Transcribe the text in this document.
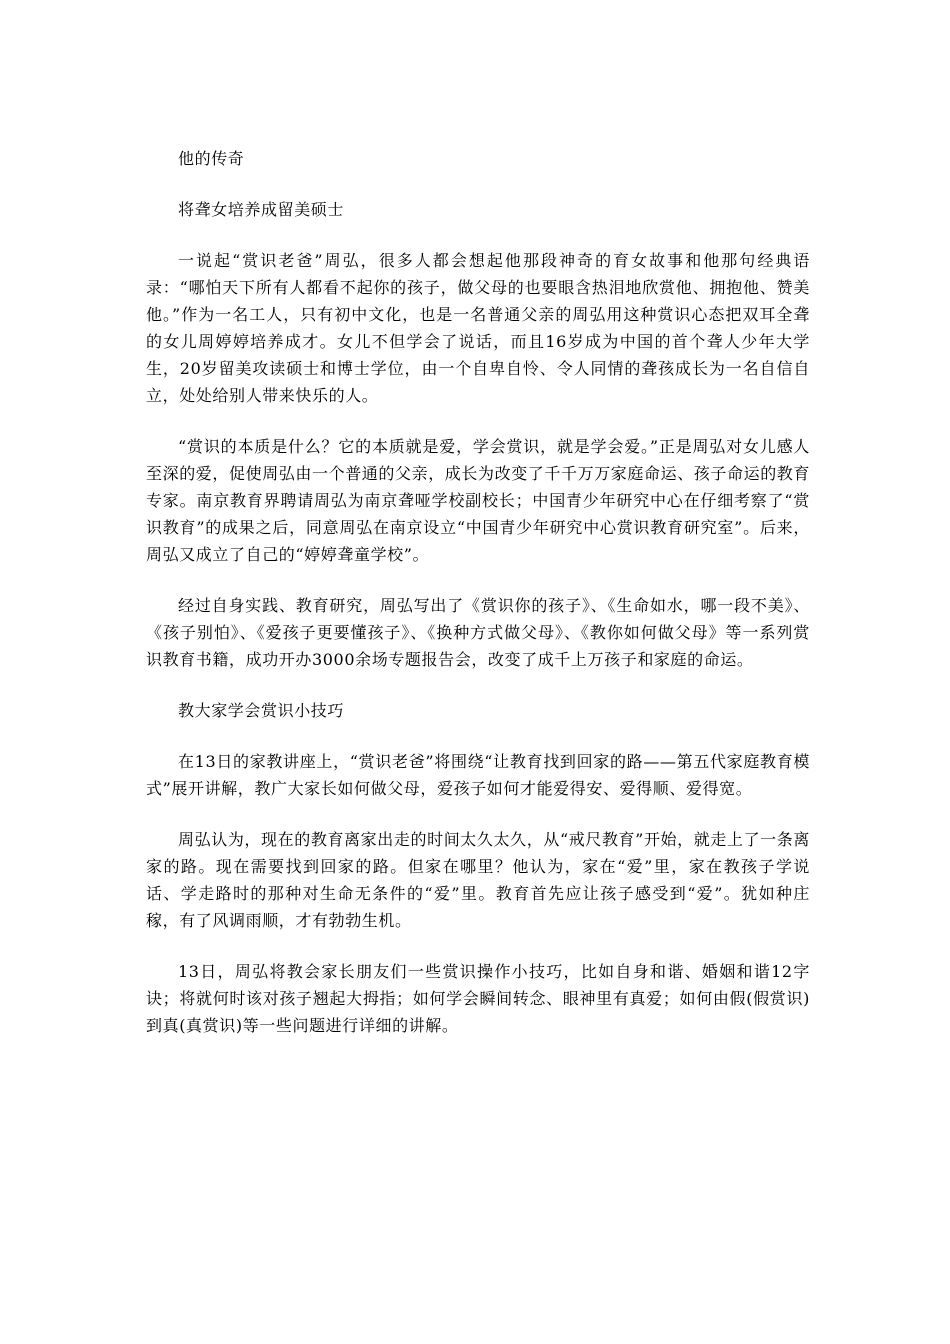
他的传奇

将聋女培养成留美硕士

一说起“赏识老爸”周弘，很多人都会想起他那段神奇的育女故事和他那句经典语录：“哪怕天下所有人都看不起你的孩子，做父母的也要眼含热泪地欣赏他、拥抱他、赞美他。”作为一名工人，只有初中文化，也是一名普通父亲的周弘用这种赏识心态把双耳全聋的女儿周婷婷培养成才。女儿不但学会了说话，而且16岁成为中国的首个聋人少年大学生，20岁留美攻读硕士和博士学位，由一个自卑自怜、令人同情的聋孩成长为一名自信自立，处处给别人带来快乐的人。

“赏识的本质是什么？它的本质就是爱，学会赏识，就是学会爱。”正是周弘对女儿感人至深的爱，促使周弘由一个普通的父亲，成长为改变了千千万万家庭命运、孩子命运的教育专家。南京教育界聘请周弘为南京聋哑学校副校长；中国青少年研究中心在仔细考察了“赏识教育”的成果之后，同意周弘在南京设立“中国青少年研究中心赏识教育研究室”。后来，周弘又成立了自己的“婷婷聋童学校”。

经过自身实践、教育研究，周弘写出了《赏识你的孩子》、《生命如水，哪一段不美》、《孩子别怕》、《爱孩子更要懂孩子》、《换种方式做父母》、《教你如何做父母》等一系列赏识教育书籍，成功开办3000余场专题报告会，改变了成千上万孩子和家庭的命运。

教大家学会赏识小技巧

在13日的家教讲座上，“赏识老爸”将围绕“让教育找到回家的路——第五代家庭教育模式”展开讲解，教广大家长如何做父母，爱孩子如何才能爱得安、爱得顺、爱得宽。

周弘认为，现在的教育离家出走的时间太久太久，从“戒尺教育”开始，就走上了一条离家的路。现在需要找到回家的路。但家在哪里？他认为，家在“爱”里，家在教孩子学说话、学走路时的那种对生命无条件的“爱”里。教育首先应让孩子感受到“爱”。犹如种庄稼，有了风调雨顺，才有勃勃生机。

13日，周弘将教会家长朋友们一些赏识操作小技巧，比如自身和谐、婚姻和谐12字诀；将就何时该对孩子翘起大拇指；如何学会瞬间转念、眼神里有真爱；如何由假(假赏识)到真(真赏识)等一些问题进行详细的讲解。
